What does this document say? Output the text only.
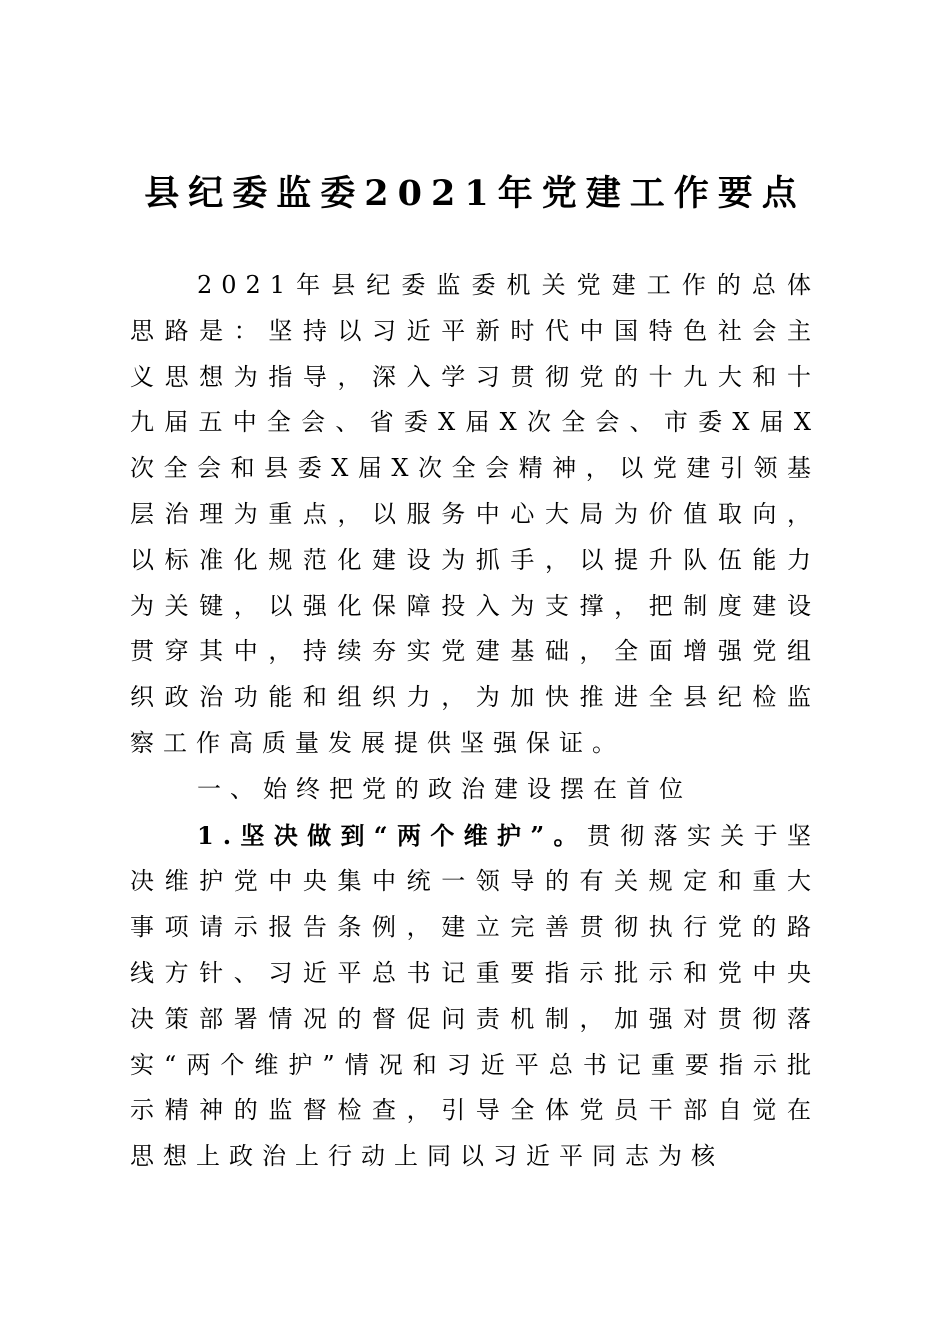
县纪委监委2021年党建工作要点

2021年县纪委监委机关党建工作的总体思路是：坚持以习近平新时代中国特色社会主义思想为指导，深入学习贯彻党的十九大和十九届五中全会、省委X届X次全会、市委X届X次全会和县委X届X次全会精神，以党建引领基层治理为重点，以服务中心大局为价值取向，以标准化规范化建设为抓手，以提升队伍能力为关键，以强化保障投入为支撑，把制度建设贯穿其中，持续夯实党建基础，全面增强党组织政治功能和组织力，为加快推进全县纪检监察工作高质量发展提供坚强保证。

一、始终把党的政治建设摆在首位

1.坚决做到“两个维护”。贯彻落实关于坚决维护党中央集中统一领导的有关规定和重大事项请示报告条例，建立完善贯彻执行党的路线方针、习近平总书记重要指示批示和党中央决策部署情况的督促问责机制，加强对贯彻落实“两个维护”情况和习近平总书记重要指示批示精神的监督检查，引导全体党员干部自觉在思想上政治上行动上同以习近平同志为核
